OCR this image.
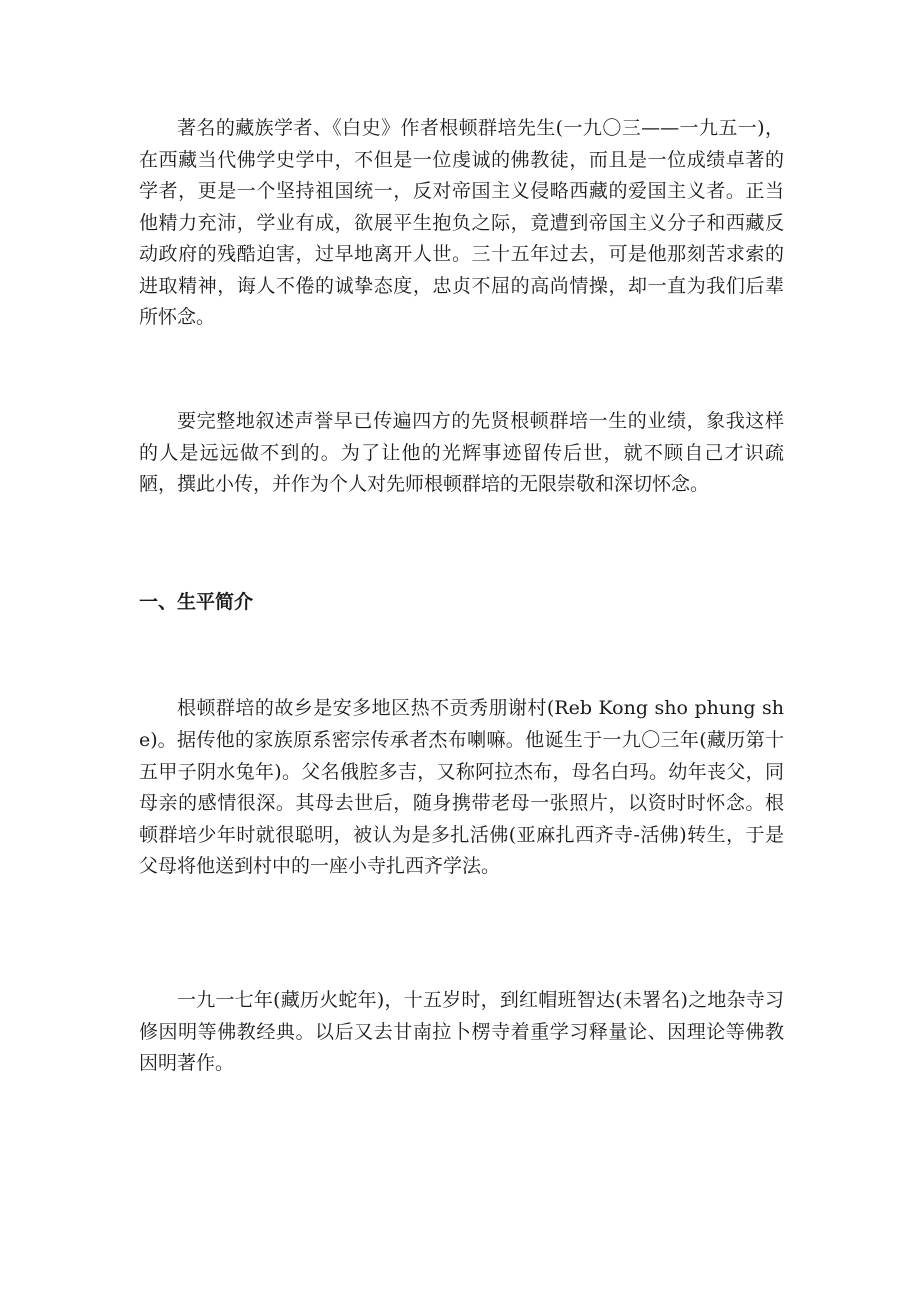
著名的藏族学者、《白史》作者根顿群培先生(一九〇三——一九五一)，在西藏当代佛学史学中，不但是一位虔诚的佛教徒，而且是一位成绩卓著的学者，更是一个坚持祖国统一，反对帝国主义侵略西藏的爱国主义者。正当他精力充沛，学业有成，欲展平生抱负之际，竟遭到帝国主义分子和西藏反动政府的残酷迫害，过早地离开人世。三十五年过去，可是他那刻苦求索的进取精神，诲人不倦的诚挚态度，忠贞不屈的高尚情操，却一直为我们后辈所怀念。

要完整地叙述声誉早已传遍四方的先贤根顿群培一生的业绩，象我这样的人是远远做不到的。为了让他的光辉事迹留传后世，就不顾自己才识疏陋，撰此小传，并作为个人对先师根顿群培的无限崇敬和深切怀念。

一、生平简介

根顿群培的故乡是安多地区热不贡秀朋谢村(Reb Kong sho phung she)。 据传他的家族原系密宗传承者杰布喇嘛。他诞生于一九〇三年(藏历第十五甲子阴水兔年)。父名俄腔多吉，又称阿拉杰布，母名白玛。幼年丧父，同母亲的感情很深。其母去世后，随身携带老母一张照片，以资时时怀念。根顿群培少年时就很聪明，被认为是多扎活佛(亚麻扎西齐寺-活佛)转生，于是父母将他送到村中的一座小寺扎西齐学法。

一九一七年(藏历火蛇年)，十五岁时，到红帽班智达(未署名)之地杂寺习修因明等佛教经典。以后又去甘南拉卜楞寺着重学习释量论、因理论等佛教因明著作。
